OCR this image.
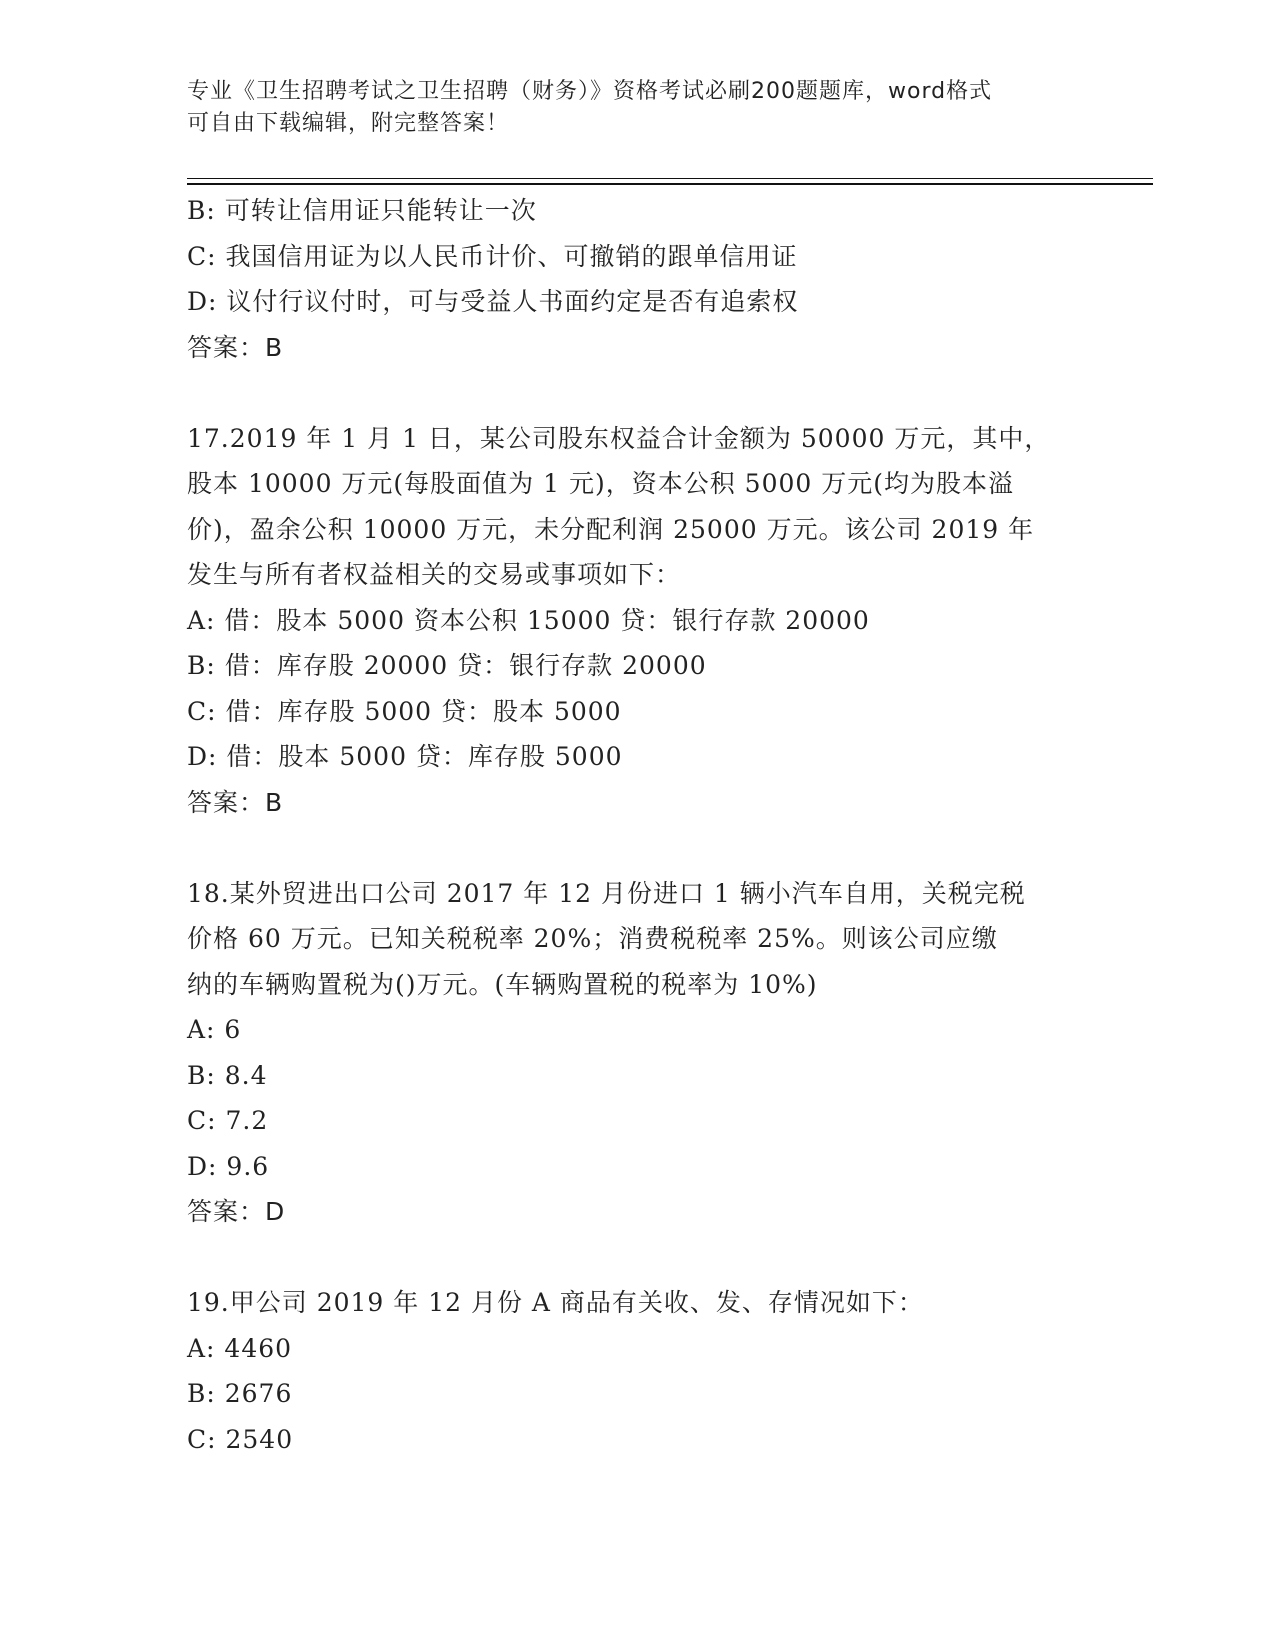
专业《卫生招聘考试之卫生招聘（财务）》资格考试必刷200题题库，word格式
可自由下载编辑，附完整答案！
B: 可转让信用证只能转让一次
C: 我国信用证为以人民币计价、可撤销的跟单信用证
D: 议付行议付时，可与受益人书面约定是否有追索权
答案：B
17.2019 年 1 月 1 日，某公司股东权益合计金额为 50000 万元，其中，
股本 10000 万元(每股面值为 1 元)，资本公积 5000 万元(均为股本溢
价)，盈余公积 10000 万元，未分配利润 25000 万元。该公司 2019 年
发生与所有者权益相关的交易或事项如下：
A: 借：股本 5000 资本公积 15000 贷：银行存款 20000
B: 借：库存股 20000 贷：银行存款 20000
C: 借：库存股 5000 贷：股本 5000
D: 借：股本 5000 贷：库存股 5000
答案：B
18.某外贸进出口公司 2017 年 12 月份进口 1 辆小汽车自用，关税完税
价格 60 万元。已知关税税率 20%；消费税税率 25%。则该公司应缴
纳的车辆购置税为()万元。(车辆购置税的税率为 10%)
A: 6
B: 8.4
C: 7.2
D: 9.6
答案：D
19.甲公司 2019 年 12 月份 A 商品有关收、发、存情况如下：
A: 4460
B: 2676
C: 2540
